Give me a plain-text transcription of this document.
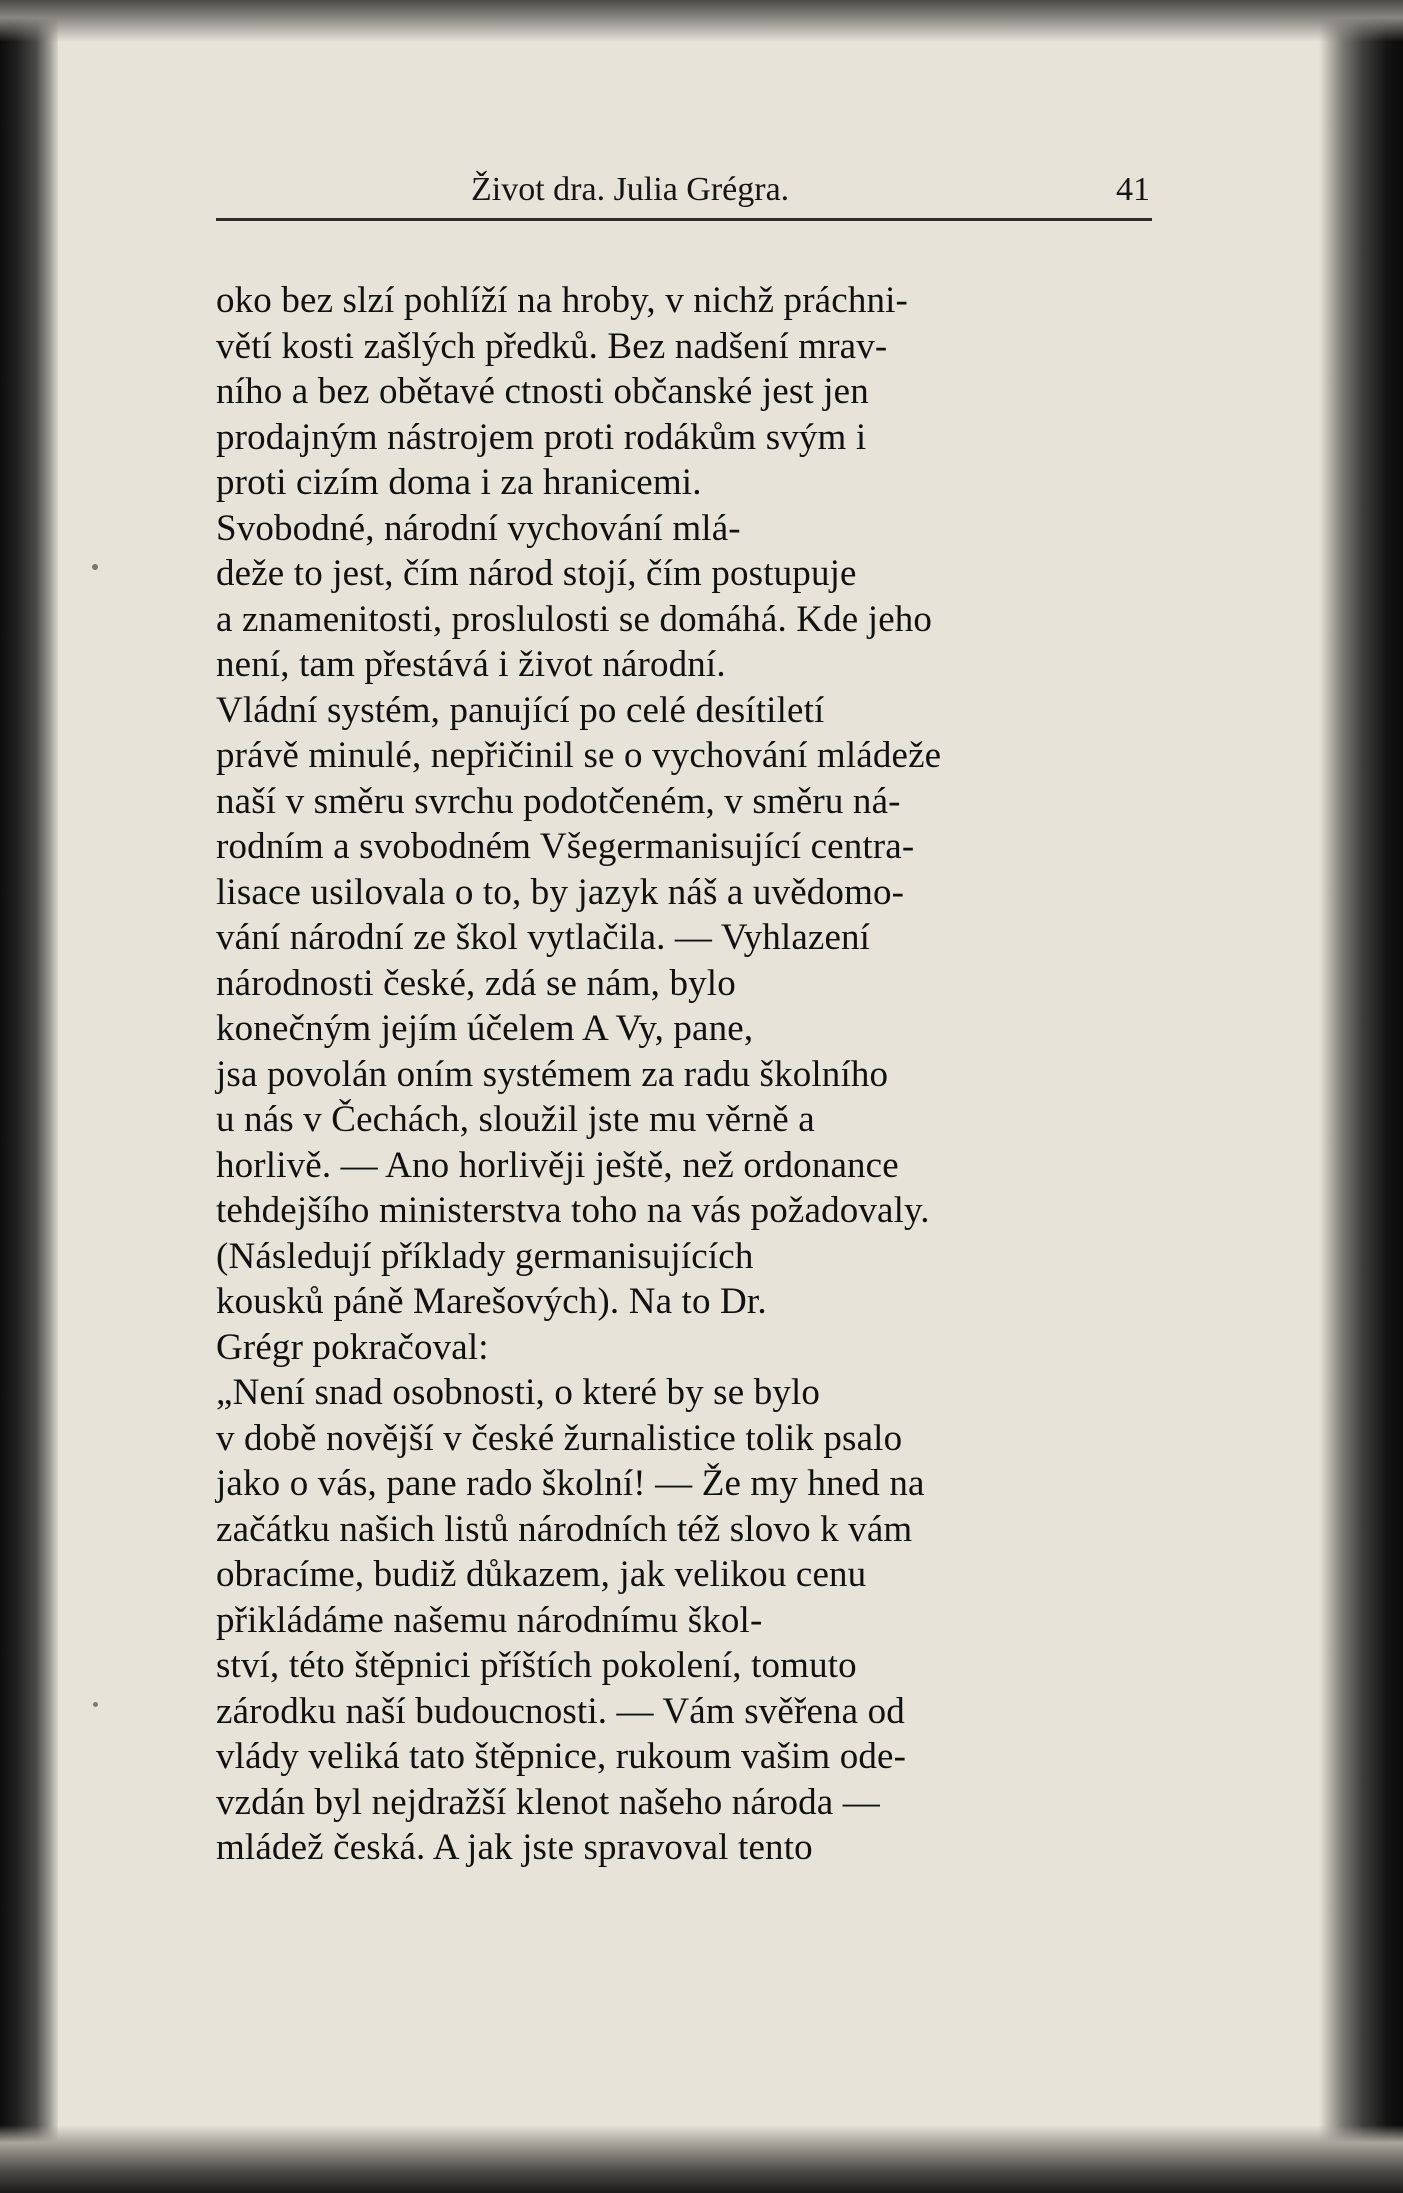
Život dra. Julia Grégra.	41
oko bez slzí pohlíží na hroby, v nichž práchni-
větí kosti zašlých předků. Bez nadšení mrav-
ního a bez obětavé ctnosti občanské jest jen
prodajným nástrojem proti rodákům svým i
proti cizím doma i za hranicemi.
Svobodné, národní vychování mlá-
deže to jest, čím národ stojí, čím postupuje
a znamenitosti, proslulosti se domáhá. Kde jeho
není, tam přestává i život národní.
Vládní systém, panující po celé desítiletí
právě minulé, nepřičinil se o vychování mládeže
naší v směru svrchu podotčeném, v směru ná-
rodním a svobodném Všegermanisující centra-
lisace usilovala o to, by jazyk náš a uvědomo-
vání národní ze škol vytlačila. — Vyhlazení
národnosti české, zdá se nám, bylo
konečným jejím účelem A Vy, pane,
jsa povolán oním systémem za radu školního
u nás v Čechách, sloužil jste mu věrně a
horlivě. — Ano horlivěji ještě, než ordonance
tehdejšího ministerstva toho na vás požadovaly.
(Následují příklady germanisujících
kousků páně Marešových). Na to Dr.
Grégr pokračoval:
„Není snad osobnosti, o které by se bylo
v době novější v české žurnalistice tolik psalo
jako o vás, pane rado školní! — Že my hned na
začátku našich listů národních též slovo k vám
obracíme, budiž důkazem, jak velikou cenu
přikládáme našemu národnímu škol-
ství, této štěpnici příštích pokolení, tomuto
zárodku naší budoucnosti. — Vám svěřena od
vlády veliká tato štěpnice, rukoum vašim ode-
vzdán byl nejdražší klenot našeho národa —
mládež česká. A jak jste spravoval tento
